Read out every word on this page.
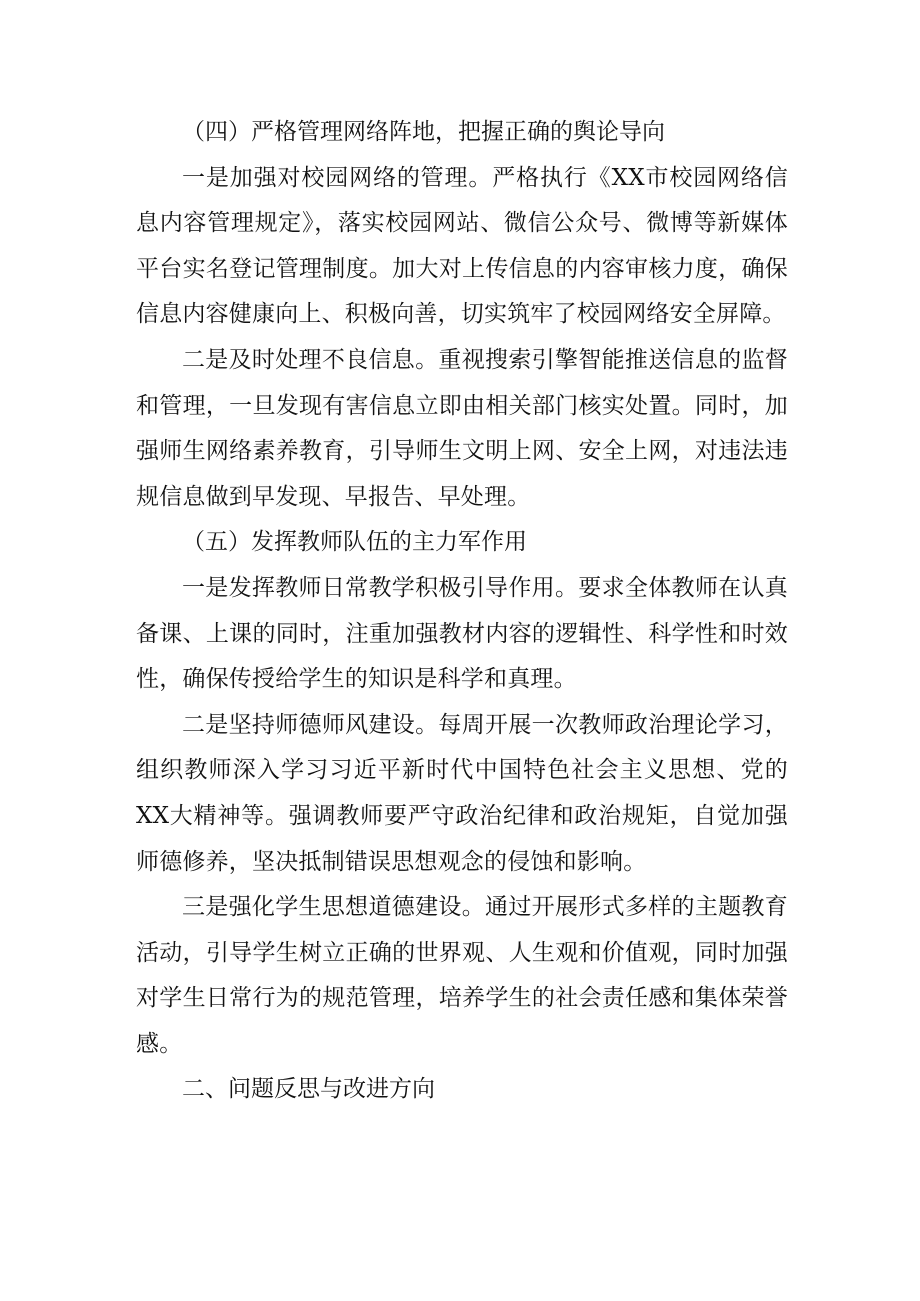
（四）严格管理网络阵地，把握正确的舆论导向

一是加强对校园网络的管理。严格执行《XX市校园网络信息内容管理规定》，落实校园网站、微信公众号、微博等新媒体平台实名登记管理制度。加大对上传信息的内容审核力度，确保信息内容健康向上、积极向善，切实筑牢了校园网络安全屏障。

二是及时处理不良信息。重视搜索引擎智能推送信息的监督和管理，一旦发现有害信息立即由相关部门核实处置。同时，加强师生网络素养教育，引导师生文明上网、安全上网，对违法违规信息做到早发现、早报告、早处理。

（五）发挥教师队伍的主力军作用

一是发挥教师日常教学积极引导作用。要求全体教师在认真备课、上课的同时，注重加强教材内容的逻辑性、科学性和时效性，确保传授给学生的知识是科学和真理。

二是坚持师德师风建设。每周开展一次教师政治理论学习，组织教师深入学习习近平新时代中国特色社会主义思想、党的XX大精神等。强调教师要严守政治纪律和政治规矩，自觉加强师德修养，坚决抵制错误思想观念的侵蚀和影响。

三是强化学生思想道德建设。通过开展形式多样的主题教育活动，引导学生树立正确的世界观、人生观和价值观，同时加强对学生日常行为的规范管理，培养学生的社会责任感和集体荣誉感。

二、问题反思与改进方向
